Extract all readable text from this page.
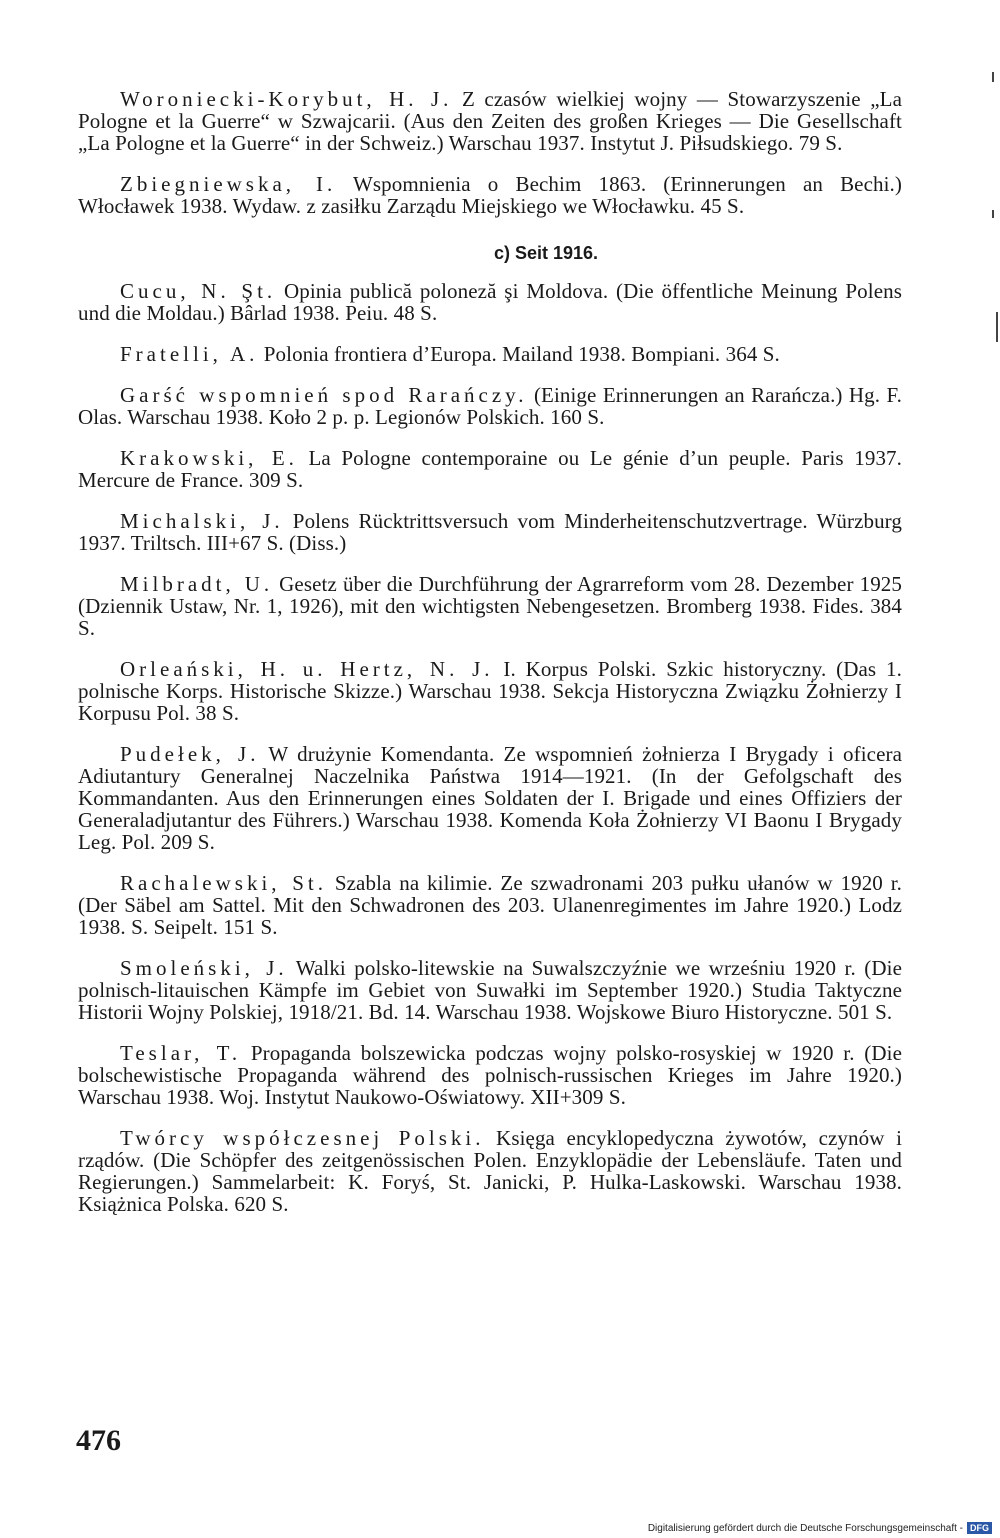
Woroniecki-Korybut, H. J. Z czasów wielkiej wojny — Stowarzyszenie „La Pologne et la Guerre“ w Szwajcarii. (Aus den Zeiten des großen Krieges — Die Gesellschaft „La Pologne et la Guerre“ in der Schweiz.) Warschau 1937. Instytut J. Piłsudskiego. 79 S.

Zbiegniewska, I. Wspomnienia o Bechim 1863. (Erinnerungen an Bechi.) Włocławek 1938. Wydaw. z zasiłku Zarządu Miejskiego we Włocławku. 45 S.

c) Seit 1916.

Cucu, N. Şt. Opinia publică poloneză şi Moldova. (Die öffentliche Meinung Polens und die Moldau.) Bârlad 1938. Peiu. 48 S.

Fratelli, A. Polonia frontiera d’Europa. Mailand 1938. Bompiani. 364 S.

Garść wspomnień spod Rarańczy. (Einige Erinnerungen an Rarańcza.) Hg. F. Olas. Warschau 1938. Koło 2 p. p. Legionów Polskich. 160 S.

Krakowski, E. La Pologne contemporaine ou Le génie d’un peuple. Paris 1937. Mercure de France. 309 S.

Michalski, J. Polens Rücktrittsversuch vom Minderheitenschutzvertrage. Würzburg 1937. Triltsch. III+67 S. (Diss.)

Milbradt, U. Gesetz über die Durchführung der Agrarreform vom 28. Dezember 1925 (Dziennik Ustaw, Nr. 1, 1926), mit den wichtigsten Nebengesetzen. Bromberg 1938. Fides. 384 S.

Orleański, H. u. Hertz, N. J. I. Korpus Polski. Szkic historyczny. (Das 1. polnische Korps. Historische Skizze.) Warschau 1938. Sekcja Historyczna Związku Żołnierzy I Korpusu Pol. 38 S.

Pudełek, J. W drużynie Komendanta. Ze wspomnień żołnierza I Brygady i oficera Adiutantury Generalnej Naczelnika Państwa 1914—1921. (In der Gefolgschaft des Kommandanten. Aus den Erinnerungen eines Soldaten der I. Brigade und eines Offiziers der Generaladjutantur des Führers.) Warschau 1938. Komenda Koła Żołnierzy VI Baonu I Brygady Leg. Pol. 209 S.

Rachalewski, St. Szabla na kilimie. Ze szwadronami 203 pułku ułanów w 1920 r. (Der Säbel am Sattel. Mit den Schwadronen des 203. Ulanenregimentes im Jahre 1920.) Lodz 1938. S. Seipelt. 151 S.

Smoleński, J. Walki polsko-litewskie na Suwalszczyźnie we wrześniu 1920 r. (Die polnisch-litauischen Kämpfe im Gebiet von Suwałki im September 1920.) Studia Taktyczne Historii Wojny Polskiej, 1918/21. Bd. 14. Warschau 1938. Wojskowe Biuro Historyczne. 501 S.

Teslar, T. Propaganda bolszewicka podczas wojny polsko-rosyskiej w 1920 r. (Die bolschewistische Propaganda während des polnisch-russischen Krieges im Jahre 1920.) Warschau 1938. Woj. Instytut Naukowo-Oświatowy. XII+309 S.

Twórcy współczesnej Polski. Księga encyklopedyczna żywotów, czynów i rządów. (Die Schöpfer des zeitgenössischen Polen. Enzyklopädie der Lebensläufe. Taten und Regierungen.) Sammelarbeit: K. Foryś, St. Janicki, P. Hulka-Laskowski. Warschau 1938. Książnica Polska. 620 S.

476
Digitalisierung gefördert durch die Deutsche Forschungsgemeinschaft - DFG
